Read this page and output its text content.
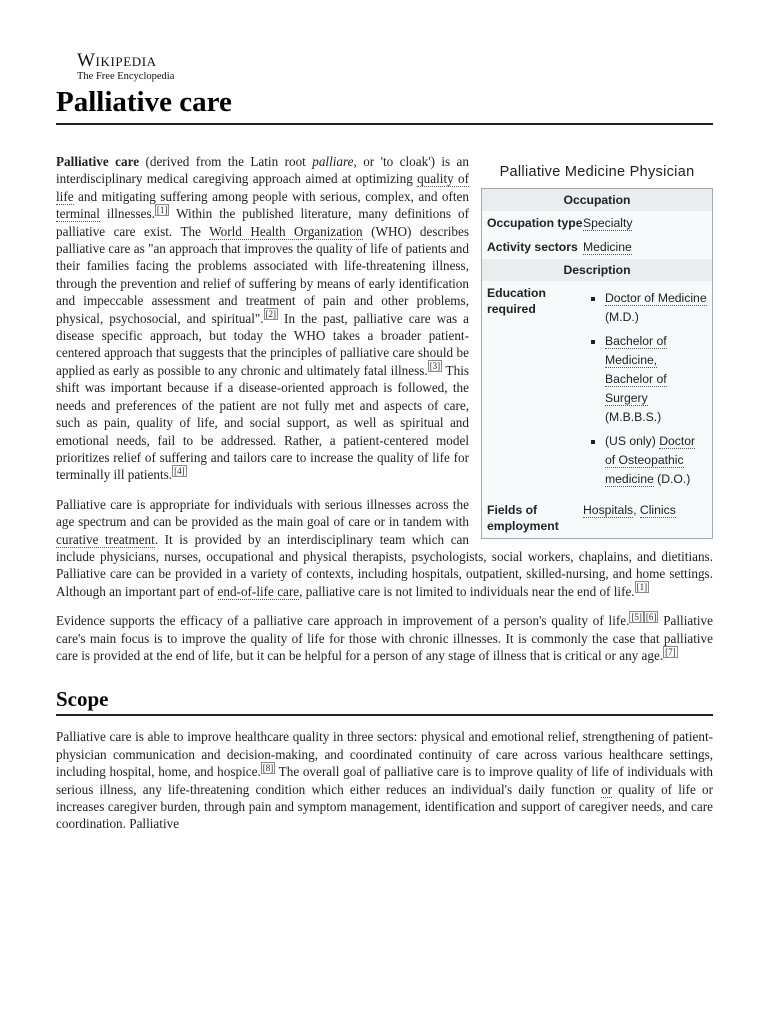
Wikipedia
The Free Encyclopedia
Palliative care
Palliative Medicine Physician
Occupation
Occupation type Specialty
Activity sectors Medicine
Description
Education required
▪ Doctor of Medicine (M.D.)
▪ Bachelor of Medicine, Bachelor of Surgery (M.B.B.S.)
▪ (US only) Doctor of Osteopathic medicine (D.O.)
Fields of employment
Hospitals, Clinics

Palliative care (derived from the Latin root palliare, or 'to cloak') is an interdisciplinary medical caregiving approach aimed at optimizing quality of life and mitigating suffering among people with serious, complex, and often terminal illnesses. [1] Within the published literature, many definitions of palliative care exist. The World Health Organization (WHO) describes palliative care as "an approach that improves the quality of life of patients and their families facing the problems associated with life-threatening illness, through the prevention and relief of suffering by means of early identification and impeccable assessment and treatment of pain and other problems, physical, psychosocial, and spiritual". [2] In the past, palliative care was a disease specific approach, but today the WHO takes a broader patient-centered approach that suggests that the principles of palliative care should be applied as early as possible to any chronic and ultimately fatal illness. [3] This shift was important because if a disease-oriented approach is followed, the needs and preferences of the patient are not fully met and aspects of care, such as pain, quality of life, and social support, as well as spiritual and emotional needs, fail to be addressed. Rather, a patient-centered model prioritizes relief of suffering and tailors care to increase the quality of life for terminally ill patients. [4]

Palliative care is appropriate for individuals with serious illnesses across the age spectrum and can be provided as the main goal of care or in tandem with curative treatment. It is provided by an interdisciplinary team which can include physicians, nurses, occupational and physical therapists, psychologists, social workers, chaplains, and dietitians. Palliative care can be provided in a variety of contexts, including hospitals, outpatient, skilled-nursing, and home settings. Although an important part of end-of-life care, palliative care is not limited to individuals near the end of life. [1]

Evidence supports the efficacy of a palliative care approach in improvement of a person's quality of life. [5] [6] Palliative care's main focus is to improve the quality of life for those with chronic illnesses. It is commonly the case that palliative care is provided at the end of life, but it can be helpful for a person of any stage of illness that is critical or any age. [7]

Scope

Palliative care is able to improve healthcare quality in three sectors: physical and emotional relief, strengthening of patient-physician communication and decision-making, and coordinated continuity of care across various healthcare settings, including hospital, home, and hospice. [8] The overall goal of palliative care is to improve quality of life of individuals with serious illness, any life-threatening condition which either reduces an individual's daily function or quality of life or increases caregiver burden, through pain and symptom management, identification and support of caregiver needs, and care coordination. Palliative
